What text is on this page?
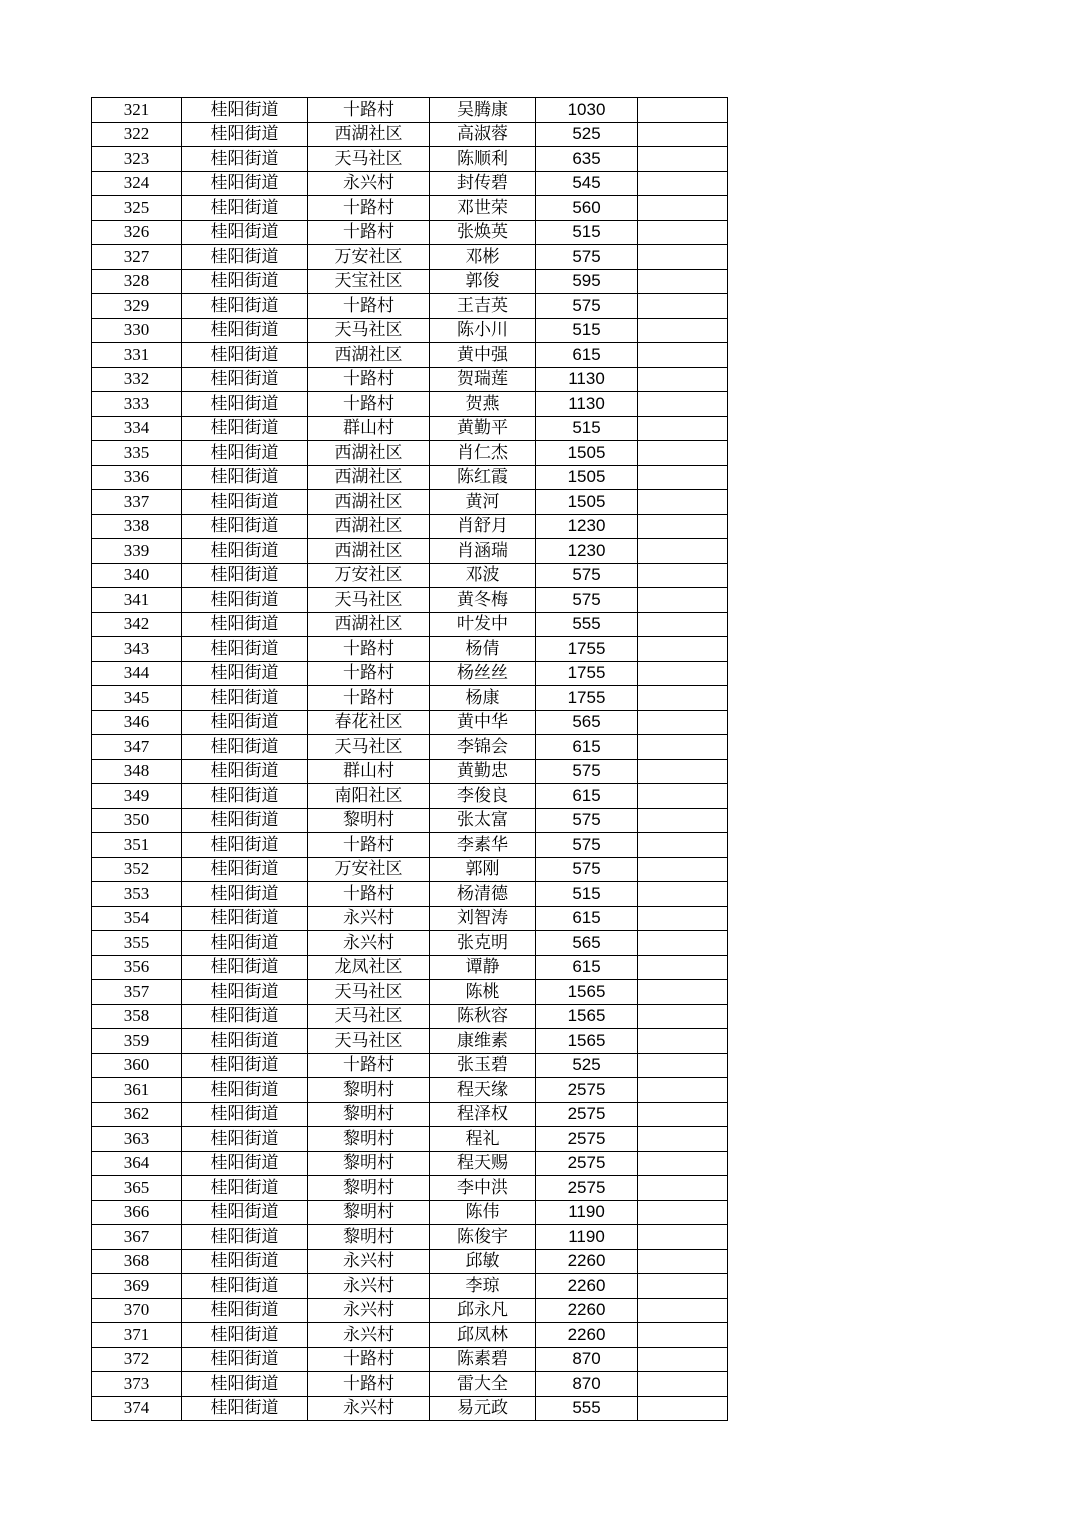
321	桂阳街道	十路村	吴腾康	1030	
322	桂阳街道	西湖社区	高淑蓉	525	
323	桂阳街道	天马社区	陈顺利	635	
324	桂阳街道	永兴村	封传碧	545	
325	桂阳街道	十路村	邓世荣	560	
326	桂阳街道	十路村	张焕英	515	
327	桂阳街道	万安社区	邓彬	575	
328	桂阳街道	天宝社区	郭俊	595	
329	桂阳街道	十路村	王吉英	575	
330	桂阳街道	天马社区	陈小川	515	
331	桂阳街道	西湖社区	黄中强	615	
332	桂阳街道	十路村	贺瑞莲	1130	
333	桂阳街道	十路村	贺燕	1130	
334	桂阳街道	群山村	黄勤平	515	
335	桂阳街道	西湖社区	肖仁杰	1505	
336	桂阳街道	西湖社区	陈红霞	1505	
337	桂阳街道	西湖社区	黄河	1505	
338	桂阳街道	西湖社区	肖舒月	1230	
339	桂阳街道	西湖社区	肖涵瑞	1230	
340	桂阳街道	万安社区	邓波	575	
341	桂阳街道	天马社区	黄冬梅	575	
342	桂阳街道	西湖社区	叶发中	555	
343	桂阳街道	十路村	杨倩	1755	
344	桂阳街道	十路村	杨丝丝	1755	
345	桂阳街道	十路村	杨康	1755	
346	桂阳街道	春花社区	黄中华	565	
347	桂阳街道	天马社区	李锦会	615	
348	桂阳街道	群山村	黄勤忠	575	
349	桂阳街道	南阳社区	李俊良	615	
350	桂阳街道	黎明村	张太富	575	
351	桂阳街道	十路村	李素华	575	
352	桂阳街道	万安社区	郭刚	575	
353	桂阳街道	十路村	杨清德	515	
354	桂阳街道	永兴村	刘智涛	615	
355	桂阳街道	永兴村	张克明	565	
356	桂阳街道	龙凤社区	谭静	615	
357	桂阳街道	天马社区	陈桃	1565	
358	桂阳街道	天马社区	陈秋容	1565	
359	桂阳街道	天马社区	康维素	1565	
360	桂阳街道	十路村	张玉碧	525	
361	桂阳街道	黎明村	程天缘	2575	
362	桂阳街道	黎明村	程泽权	2575	
363	桂阳街道	黎明村	程礼	2575	
364	桂阳街道	黎明村	程天赐	2575	
365	桂阳街道	黎明村	李中洪	2575	
366	桂阳街道	黎明村	陈伟	1190	
367	桂阳街道	黎明村	陈俊宇	1190	
368	桂阳街道	永兴村	邱敏	2260	
369	桂阳街道	永兴村	李琼	2260	
370	桂阳街道	永兴村	邱永凡	2260	
371	桂阳街道	永兴村	邱凤林	2260	
372	桂阳街道	十路村	陈素碧	870	
373	桂阳街道	十路村	雷大全	870	
374	桂阳街道	永兴村	易元政	555	
